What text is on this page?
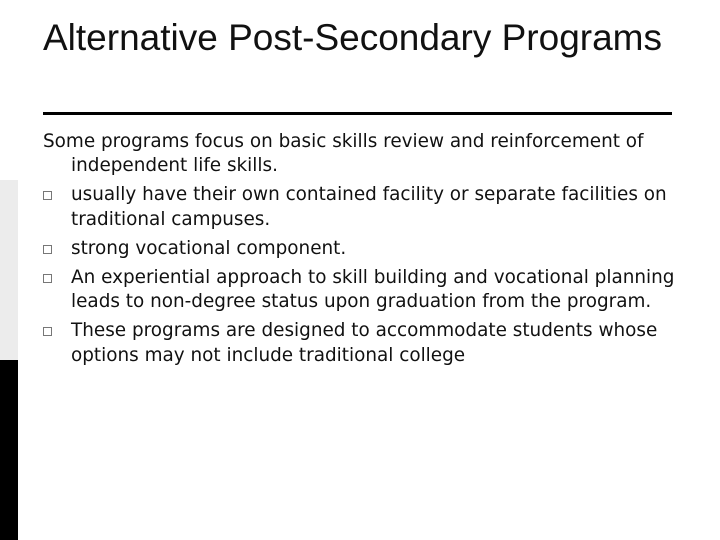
Alternative Post-Secondary Programs

Some programs focus on basic skills review and reinforcement of independent life skills.

usually have their own contained facility or separate facilities on traditional campuses.
strong vocational component.
An experiential approach to skill building and vocational planning leads to non-degree status upon graduation from the program.
These programs are designed to accommodate students whose options may not include traditional college
